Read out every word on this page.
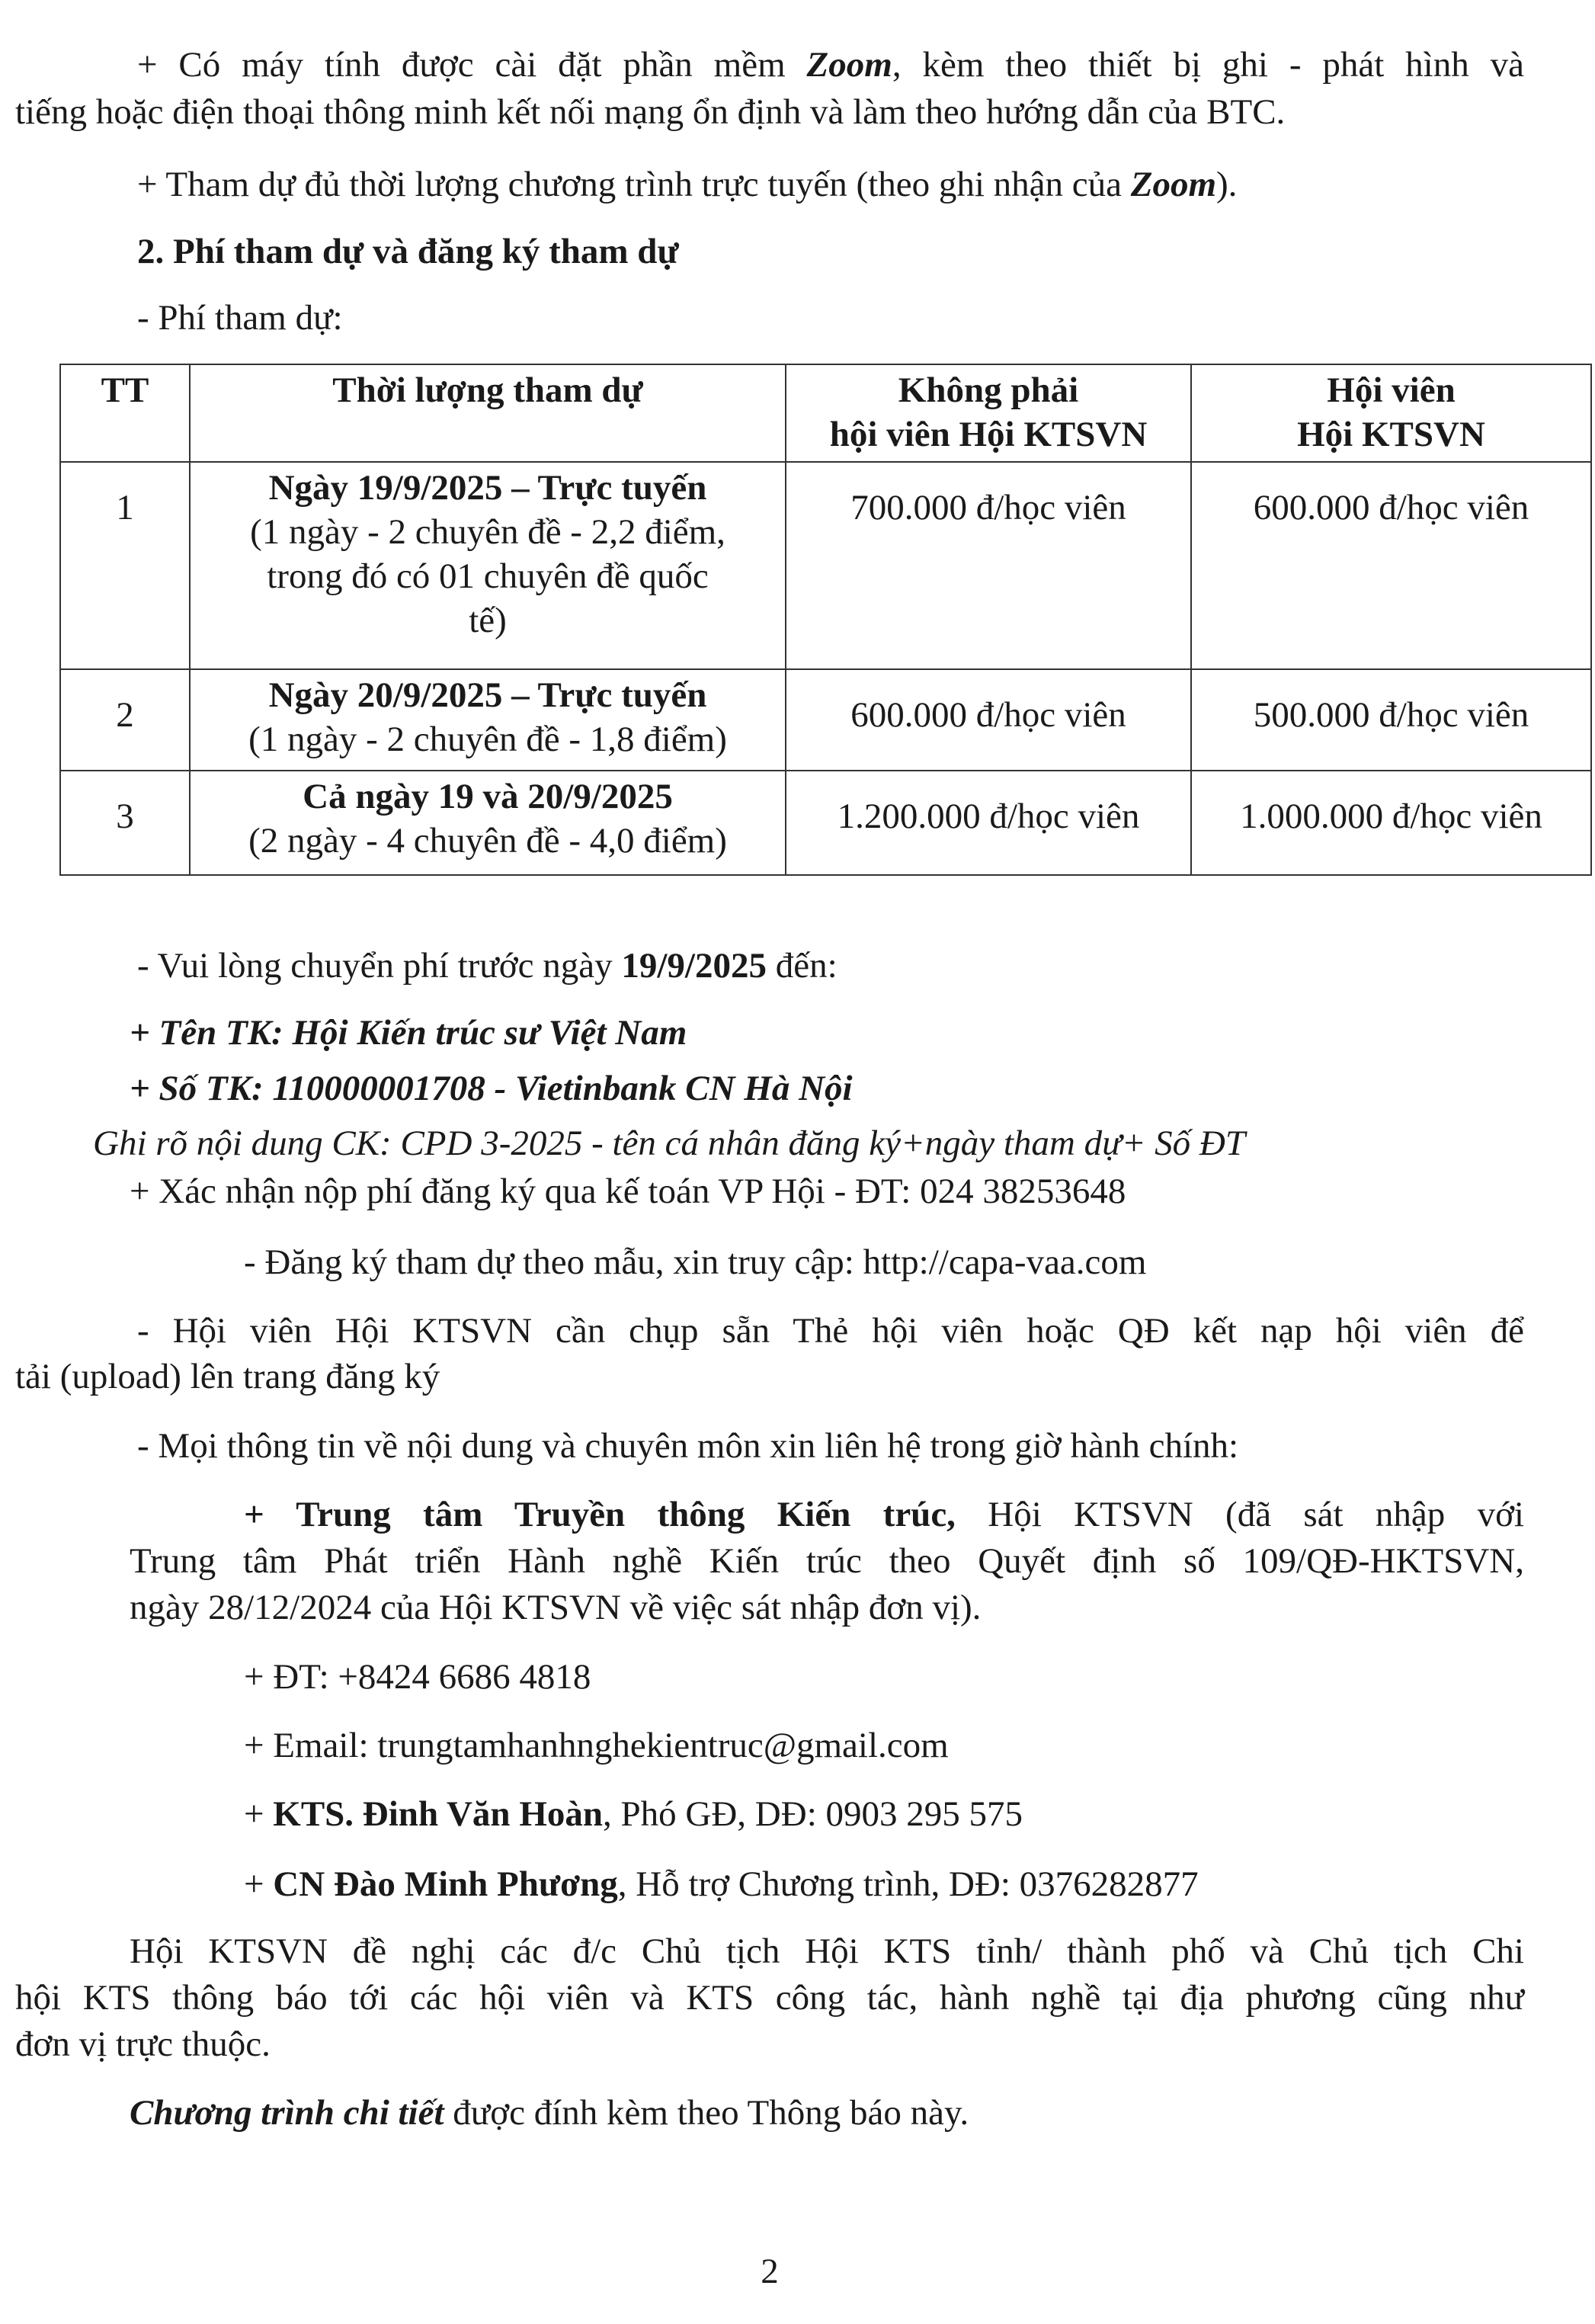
+ Có máy tính được cài đặt phần mềm Zoom, kèm theo thiết bị ghi - phát hình và
tiếng hoặc điện thoại thông minh kết nối mạng ổn định và làm theo hướng dẫn của BTC.
+ Tham dự đủ thời lượng chương trình trực tuyến (theo ghi nhận của Zoom).
2. Phí tham dự và đăng ký tham dự
- Phí tham dự:
TT	Thời lượng tham dự	Không phải
hội viên Hội KTSVN	Hội viên
Hội KTSVN
1	Ngày 19/9/2025 – Trực tuyến
(1 ngày - 2 chuyên đề - 2,2 điểm,
trong đó có 01 chuyên đề quốc
tế)	700.000 đ/học viên	600.000 đ/học viên
2	Ngày 20/9/2025 – Trực tuyến
(1 ngày - 2 chuyên đề - 1,8 điểm)	600.000 đ/học viên	500.000 đ/học viên
3	Cả ngày 19 và 20/9/2025
(2 ngày - 4 chuyên đề - 4,0 điểm)	1.200.000 đ/học viên	1.000.000 đ/học viên
- Vui lòng chuyển phí trước ngày 19/9/2025 đến:
+ Tên TK: Hội Kiến trúc sư Việt Nam
+ Số TK: 110000001708 - Vietinbank CN Hà Nội
Ghi rõ nội dung CK: CPD 3-2025 - tên cá nhân đăng ký+ngày tham dự+ Số ĐT
+ Xác nhận nộp phí đăng ký qua kế toán VP Hội - ĐT: 024 38253648
- Đăng ký tham dự theo mẫu, xin truy cập: http://capa-vaa.com
- Hội viên Hội KTSVN cần chụp sẵn Thẻ hội viên hoặc QĐ kết nạp hội viên để
tải (upload) lên trang đăng ký
- Mọi thông tin về nội dung và chuyên môn xin liên hệ trong giờ hành chính:
+ Trung tâm Truyền thông Kiến trúc, Hội KTSVN (đã sát nhập với
Trung tâm Phát triển Hành nghề Kiến trúc theo Quyết định số 109/QĐ-HKTSVN,
ngày 28/12/2024 của Hội KTSVN về việc sát nhập đơn vị).
+ ĐT: +8424 6686 4818
+ Email: trungtamhanhnghekientruc@gmail.com
+ KTS. Đinh Văn Hoàn, Phó GĐ, DĐ: 0903 295 575
+ CN Đào Minh Phương, Hỗ trợ Chương trình, DĐ: 0376282877
Hội KTSVN đề nghị các đ/c Chủ tịch Hội KTS tỉnh/ thành phố và Chủ tịch Chi
hội KTS thông báo tới các hội viên và KTS công tác, hành nghề tại địa phương cũng như
đơn vị trực thuộc.
Chương trình chi tiết được đính kèm theo Thông báo này.
2
